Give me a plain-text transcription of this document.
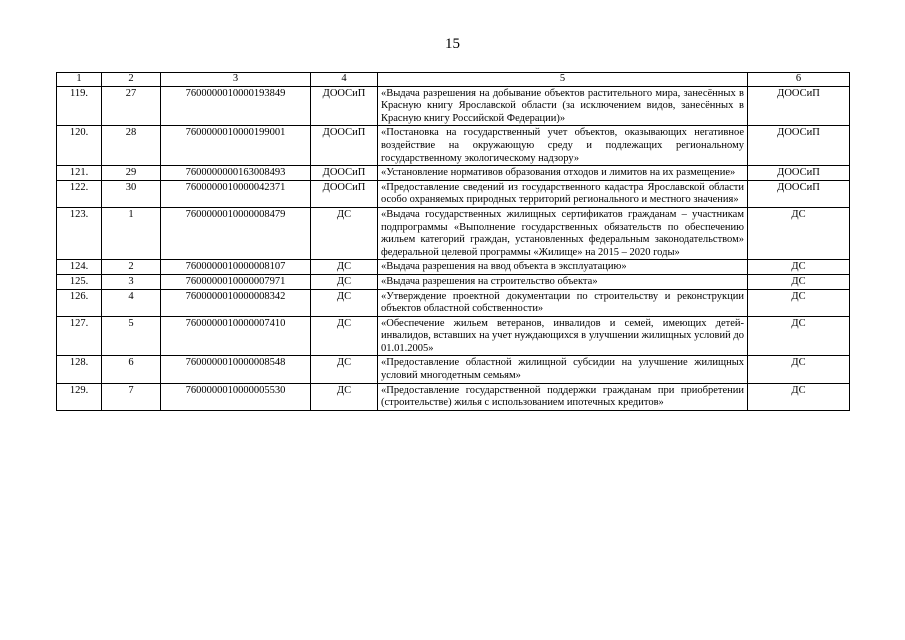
15
1	2	3	4	5	6
119.	27	7600000010000193849	ДООСиП	«Выдача разрешения на добывание объектов растительного мира, занесённых в Красную книгу Ярославской области (за исключением видов, занесённых в Красную книгу Российской Федерации)»	ДООСиП
120.	28	7600000010000199001	ДООСиП	«Постановка на государственный учет объектов, оказывающих негативное воздействие на окружающую среду и подлежащих региональному государственному экологическому надзору»	ДООСиП
121.	29	7600000000163008493	ДООСиП	«Установление нормативов образования отходов и лимитов на их размещение»	ДООСиП
122.	30	7600000010000042371	ДООСиП	«Предоставление сведений из государственного кадастра Ярославской области особо охраняемых природных территорий регионального и местного значения»	ДООСиП
123.	1	7600000010000008479	ДС	«Выдача государственных жилищных сертификатов гражданам – участникам подпрограммы «Выполнение государственных обязательств по обеспечению жильем категорий граждан, установленных федеральным законодательством» федеральной целевой программы «Жилище» на 2015 – 2020 годы»	ДС
124.	2	7600000010000008107	ДС	«Выдача разрешения на ввод объекта в эксплуатацию»	ДС
125.	3	7600000010000007971	ДС	«Выдача разрешения на строительство объекта»	ДС
126.	4	7600000010000008342	ДС	«Утверждение проектной документации по строительству и реконструкции объектов областной собственности»	ДС
127.	5	7600000010000007410	ДС	«Обеспечение жильем ветеранов, инвалидов и семей, имеющих детей-инвалидов, вставших на учет нуждающихся в улучшении жилищных условий до 01.01.2005»	ДС
128.	6	7600000010000008548	ДС	«Предоставление областной жилищной субсидии на улучшение жилищных условий многодетным семьям»	ДС
129.	7	7600000010000005530	ДС	«Предоставление государственной поддержки гражданам при приобретении (строительстве) жилья с использованием ипотечных кредитов»	ДС
